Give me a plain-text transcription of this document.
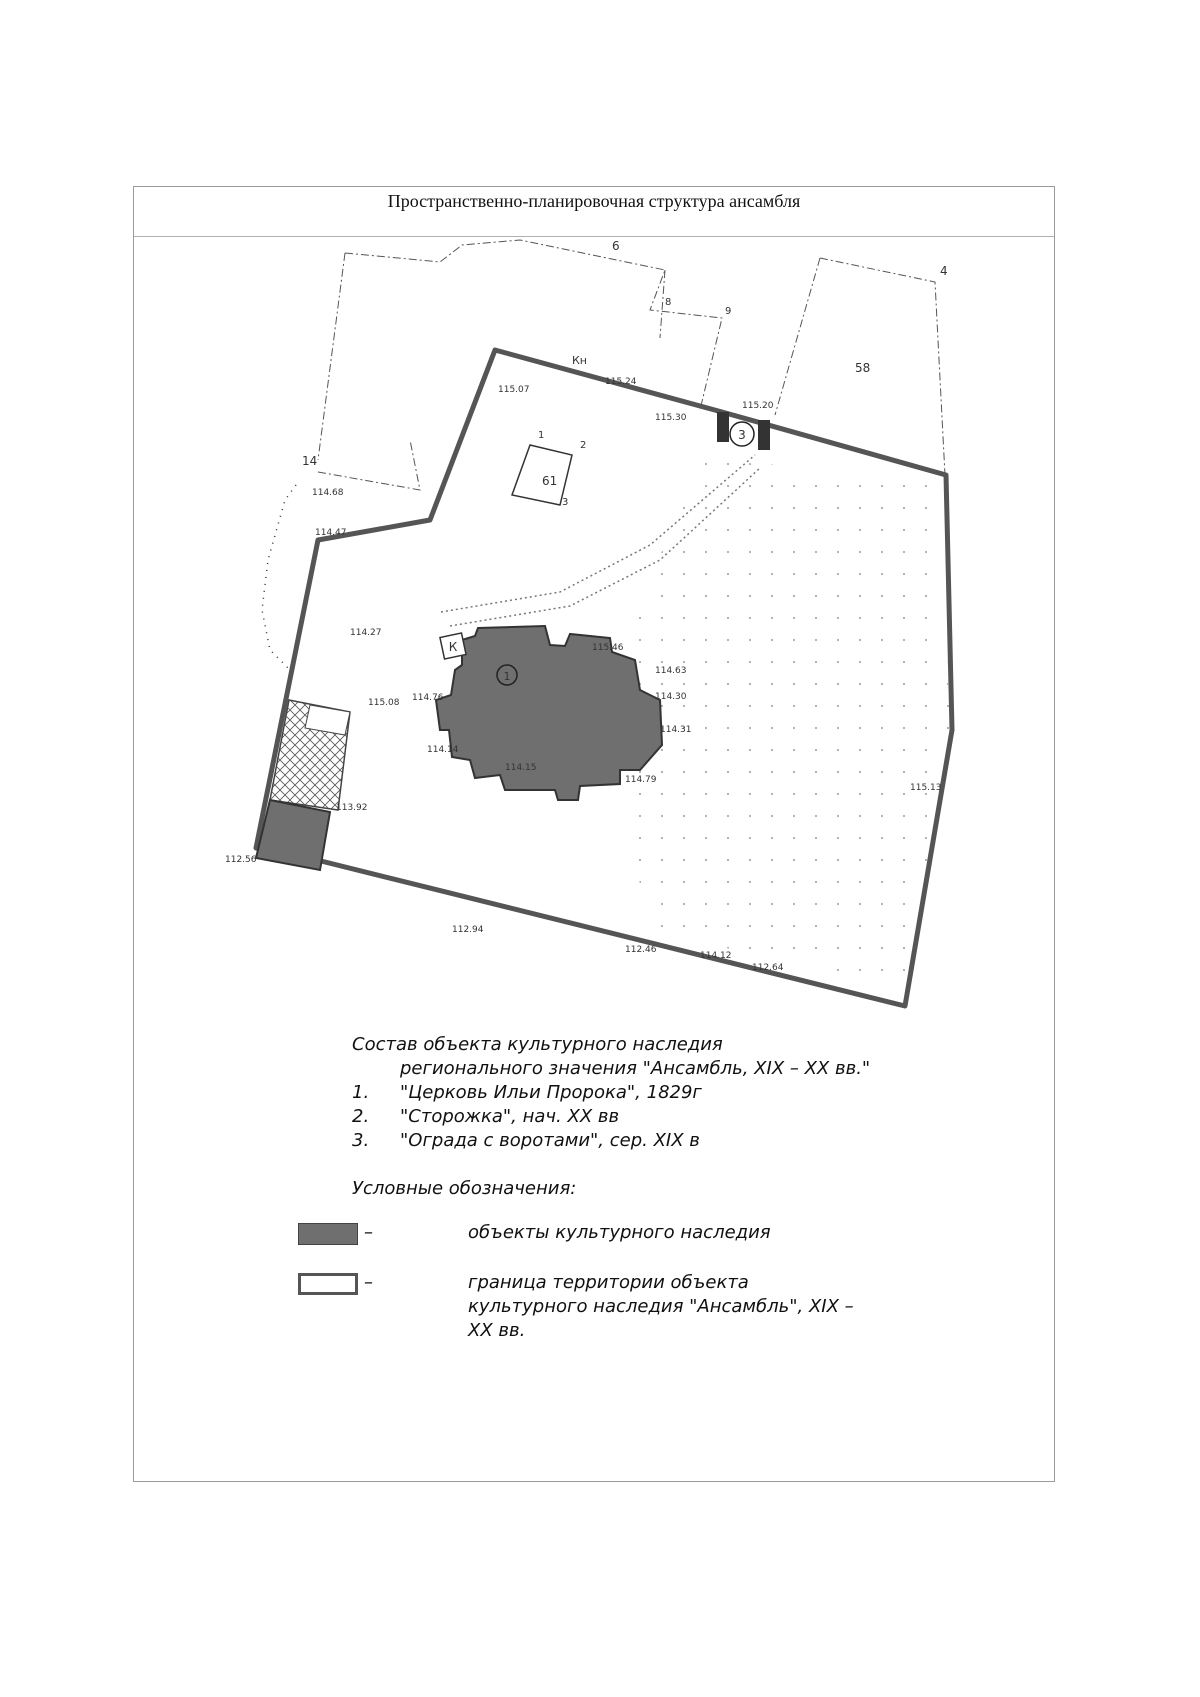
Пространственно-планировочная структура ансамбля
1
К
61
3
6
58
14
4
8
9
Кн
1
2
3
115.07
115.24
115.30
115.20
114.68
114.47
114.27
114.76
115.46
114.63
114.30
114.31
114.14
114.15
114.79
113.92
112.56
114.12
112.94
112.64
112.46
115.13
115.08

Состав объекта культурного наследия

регионального значения "Ансамбль, XIX – XX вв."

1. "Церковь Ильи Пророка", 1829г
2. "Сторожка", нач. XX вв
3. "Ограда с воротами", сер. XIX в

Условные обозначения:

–	объекты культурного наследия
–	граница территории объекта культурного наследия "Ансамбль", XIX – XX вв.
